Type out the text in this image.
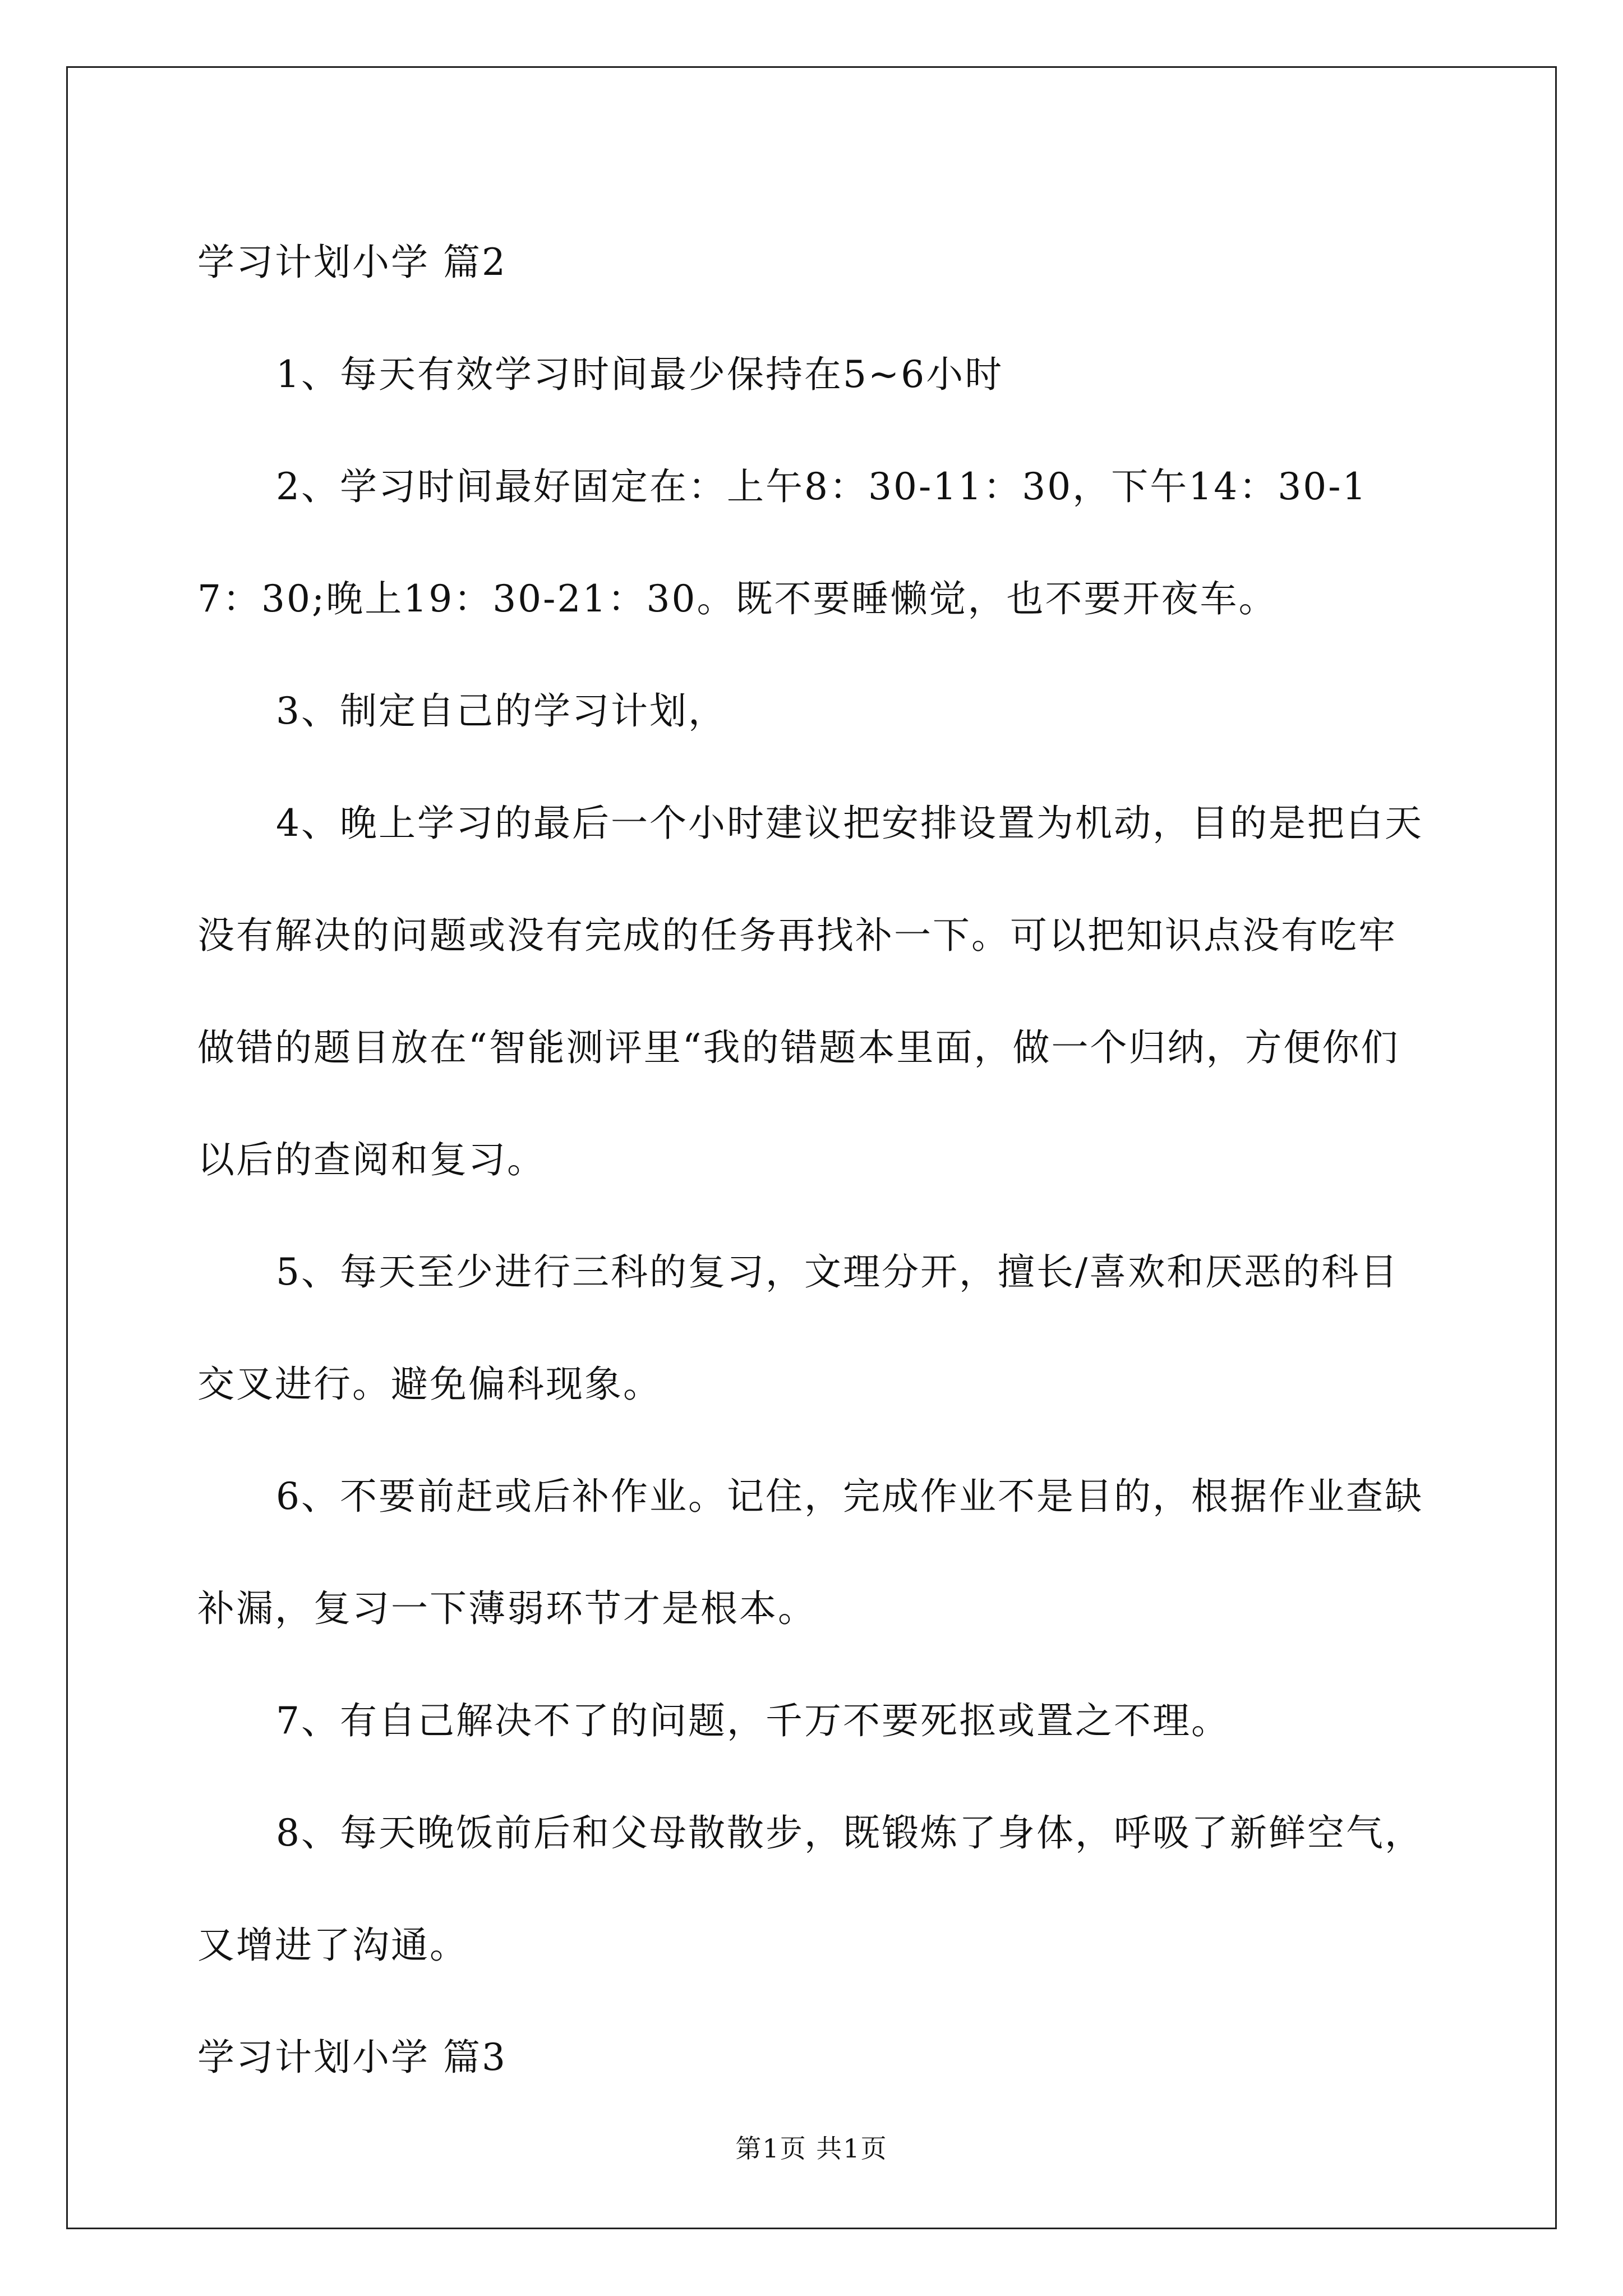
学习计划小学 篇2

1、每天有效学习时间最少保持在5~6小时

2、学习时间最好固定在：上午8：30-11：30，下午14：30-17：30;晚上19：30-21：30。既不要睡懒觉，也不要开夜车。

3、制定自己的学习计划，

4、晚上学习的最后一个小时建议把安排设置为机动，目的是把白天没有解决的问题或没有完成的任务再找补一下。可以把知识点没有吃牢做错的题目放在“智能测评里“我的错题本里面，做一个归纳，方便你们以后的查阅和复习。

5、每天至少进行三科的复习，文理分开，擅长/喜欢和厌恶的科目交叉进行。避免偏科现象。

6、不要前赶或后补作业。记住，完成作业不是目的，根据作业查缺补漏，复习一下薄弱环节才是根本。

7、有自己解决不了的问题，千万不要死抠或置之不理。

8、每天晚饭前后和父母散散步，既锻炼了身体，呼吸了新鲜空气，又增进了沟通。

学习计划小学 篇3

第1页 共1页
